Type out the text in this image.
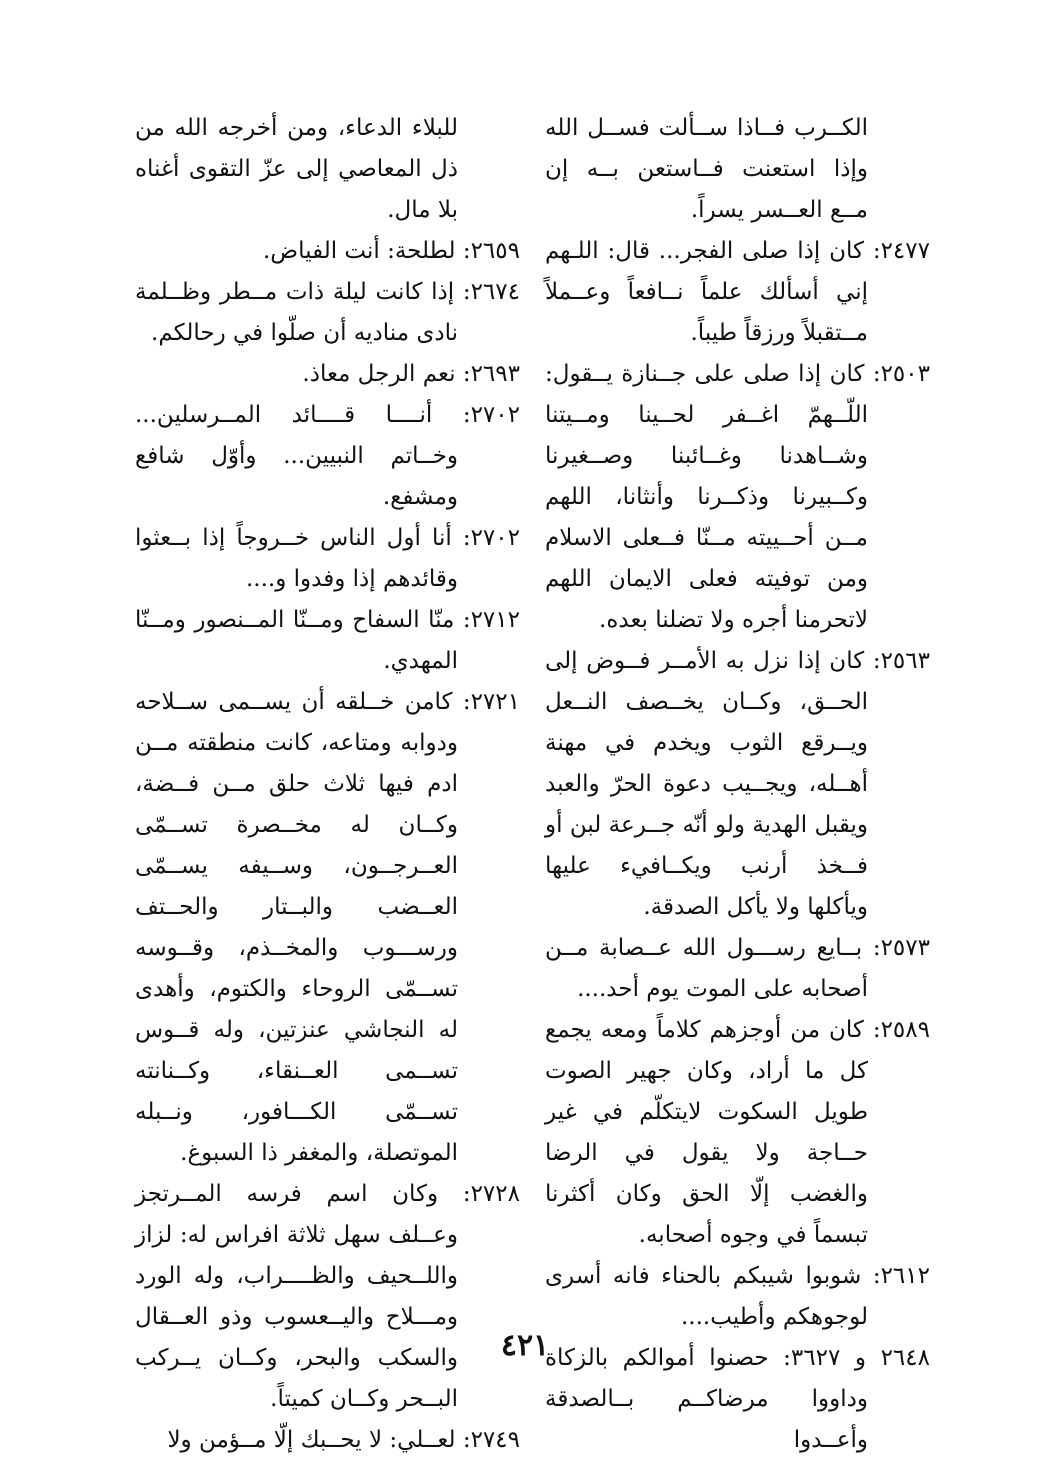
الكــرب فــاذا ســألت فســل الله وإذا استعنت فــاستعن بــه إن مــع العــسر يسراً.

٢٤٧٧: كان إذا صلى الفجر... قال: اللـهم إني أسألك علماً نــافعاً وعــملاً مــتقبلاً ورزقاً طيباً.

٢٥٠٣: كان إذا صلى على جــنازة يــقول: اللّــهمّ اغــفر لحــينا ومــيتنا وشــاهدنا وغــائبنا وصــغيرنا وكــبيرنا وذكــرنا وأنثانا، اللهم مــن أحــييته مــنّا فــعلى الاسلام ومن توفيته فعلى الايمان اللهم لاتحرمنا أجره ولا تضلنا بعده.

٢٥٦٣: كان إذا نزل به الأمــر فــوض إلى الحــق، وكــان يخــصف النــعل ويــرقع الثوب ويخدم في مهنة أهــله، ويجــيب دعوة الحرّ والعبد ويقبل الهدية ولو أنّه جــرعة لبن أو فــخذ أرنب ويكــافيء عليها ويأكلها ولا يأكل الصدقة.

٢٥٧٣: بــايع رســـول الله عــصابة مــن أصحابه على الموت يوم أحد....

٢٥٨٩: كان من أوجزهم كلاماً ومعه يجمع كل ما أراد، وكان جهير الصوت طويل السكوت لايتكلّم في غير حــاجة ولا يقول في الرضا والغضب إلّا الحق وكان أكثرنا تبسماً في وجوه أصحابه.

٢٦١٢: شوبوا شيبكم بالحناء فانه أسرى لوجوهكم وأطيب....

٢٦٤٨ و ٣٦٢٧: حصنوا أموالكم بالزكاة وداووا مرضاكــم بــالصدقة وأعــدوا

للبلاء الدعاء، ومن أخرجه الله من ذل المعاصي إلى عزّ التقوى أغناه بلا مال.

٢٦٥٩: لطلحة: أنت الفياض.

٢٦٧٤: إذا كانت ليلة ذات مــطر وظــلمة نادى مناديه أن صلّوا في رحالكم.

٢٦٩٣: نعم الرجل معاذ.

٢٧٠٢: أنــــا قــــائد المــرسلين... وخــاتم النبيين... وأوّل شافع ومشفع.

٢٧٠٢: أنا أول الناس خــروجاً إذا بــعثوا وقائدهم إذا وفدوا و....

٢٧١٢: منّا السفاح ومــنّا المــنصور ومــنّا المهدي.

٢٧٢١: كامن خــلقه أن يســمى ســلاحه ودوابه ومتاعه، كانت منطقته مــن ادم فيها ثلاث حلق مــن فــضة، وكــان له مخــصرة تســمّى العــرجــون، وســيفه يســمّى العــضب والبــتار والحــتف ورســـوب والمخــذم، وقــوسه تســمّى الروحاء والكتوم، وأهدى له النجاشي عنزتين، وله قــوس تســمى العــنقاء، وكــنانته تســمّى الكـــافور، ونــبله الموتصلة، والمغفر ذا السبوغ.

٢٧٢٨: وكان اسم فرسه المــرتجز وعــلف سهل ثلاثة افراس له: لزاز واللــحيف والظــــراب، وله الورد ومـــلاح واليــعسوب وذو العــقال والسكب والبحر، وكــان يــركب البــحر وكــان كميتاً.

٢٧٤٩: لعــلي: لا يحــبك إلّا مــؤمن ولا

٤٢١
